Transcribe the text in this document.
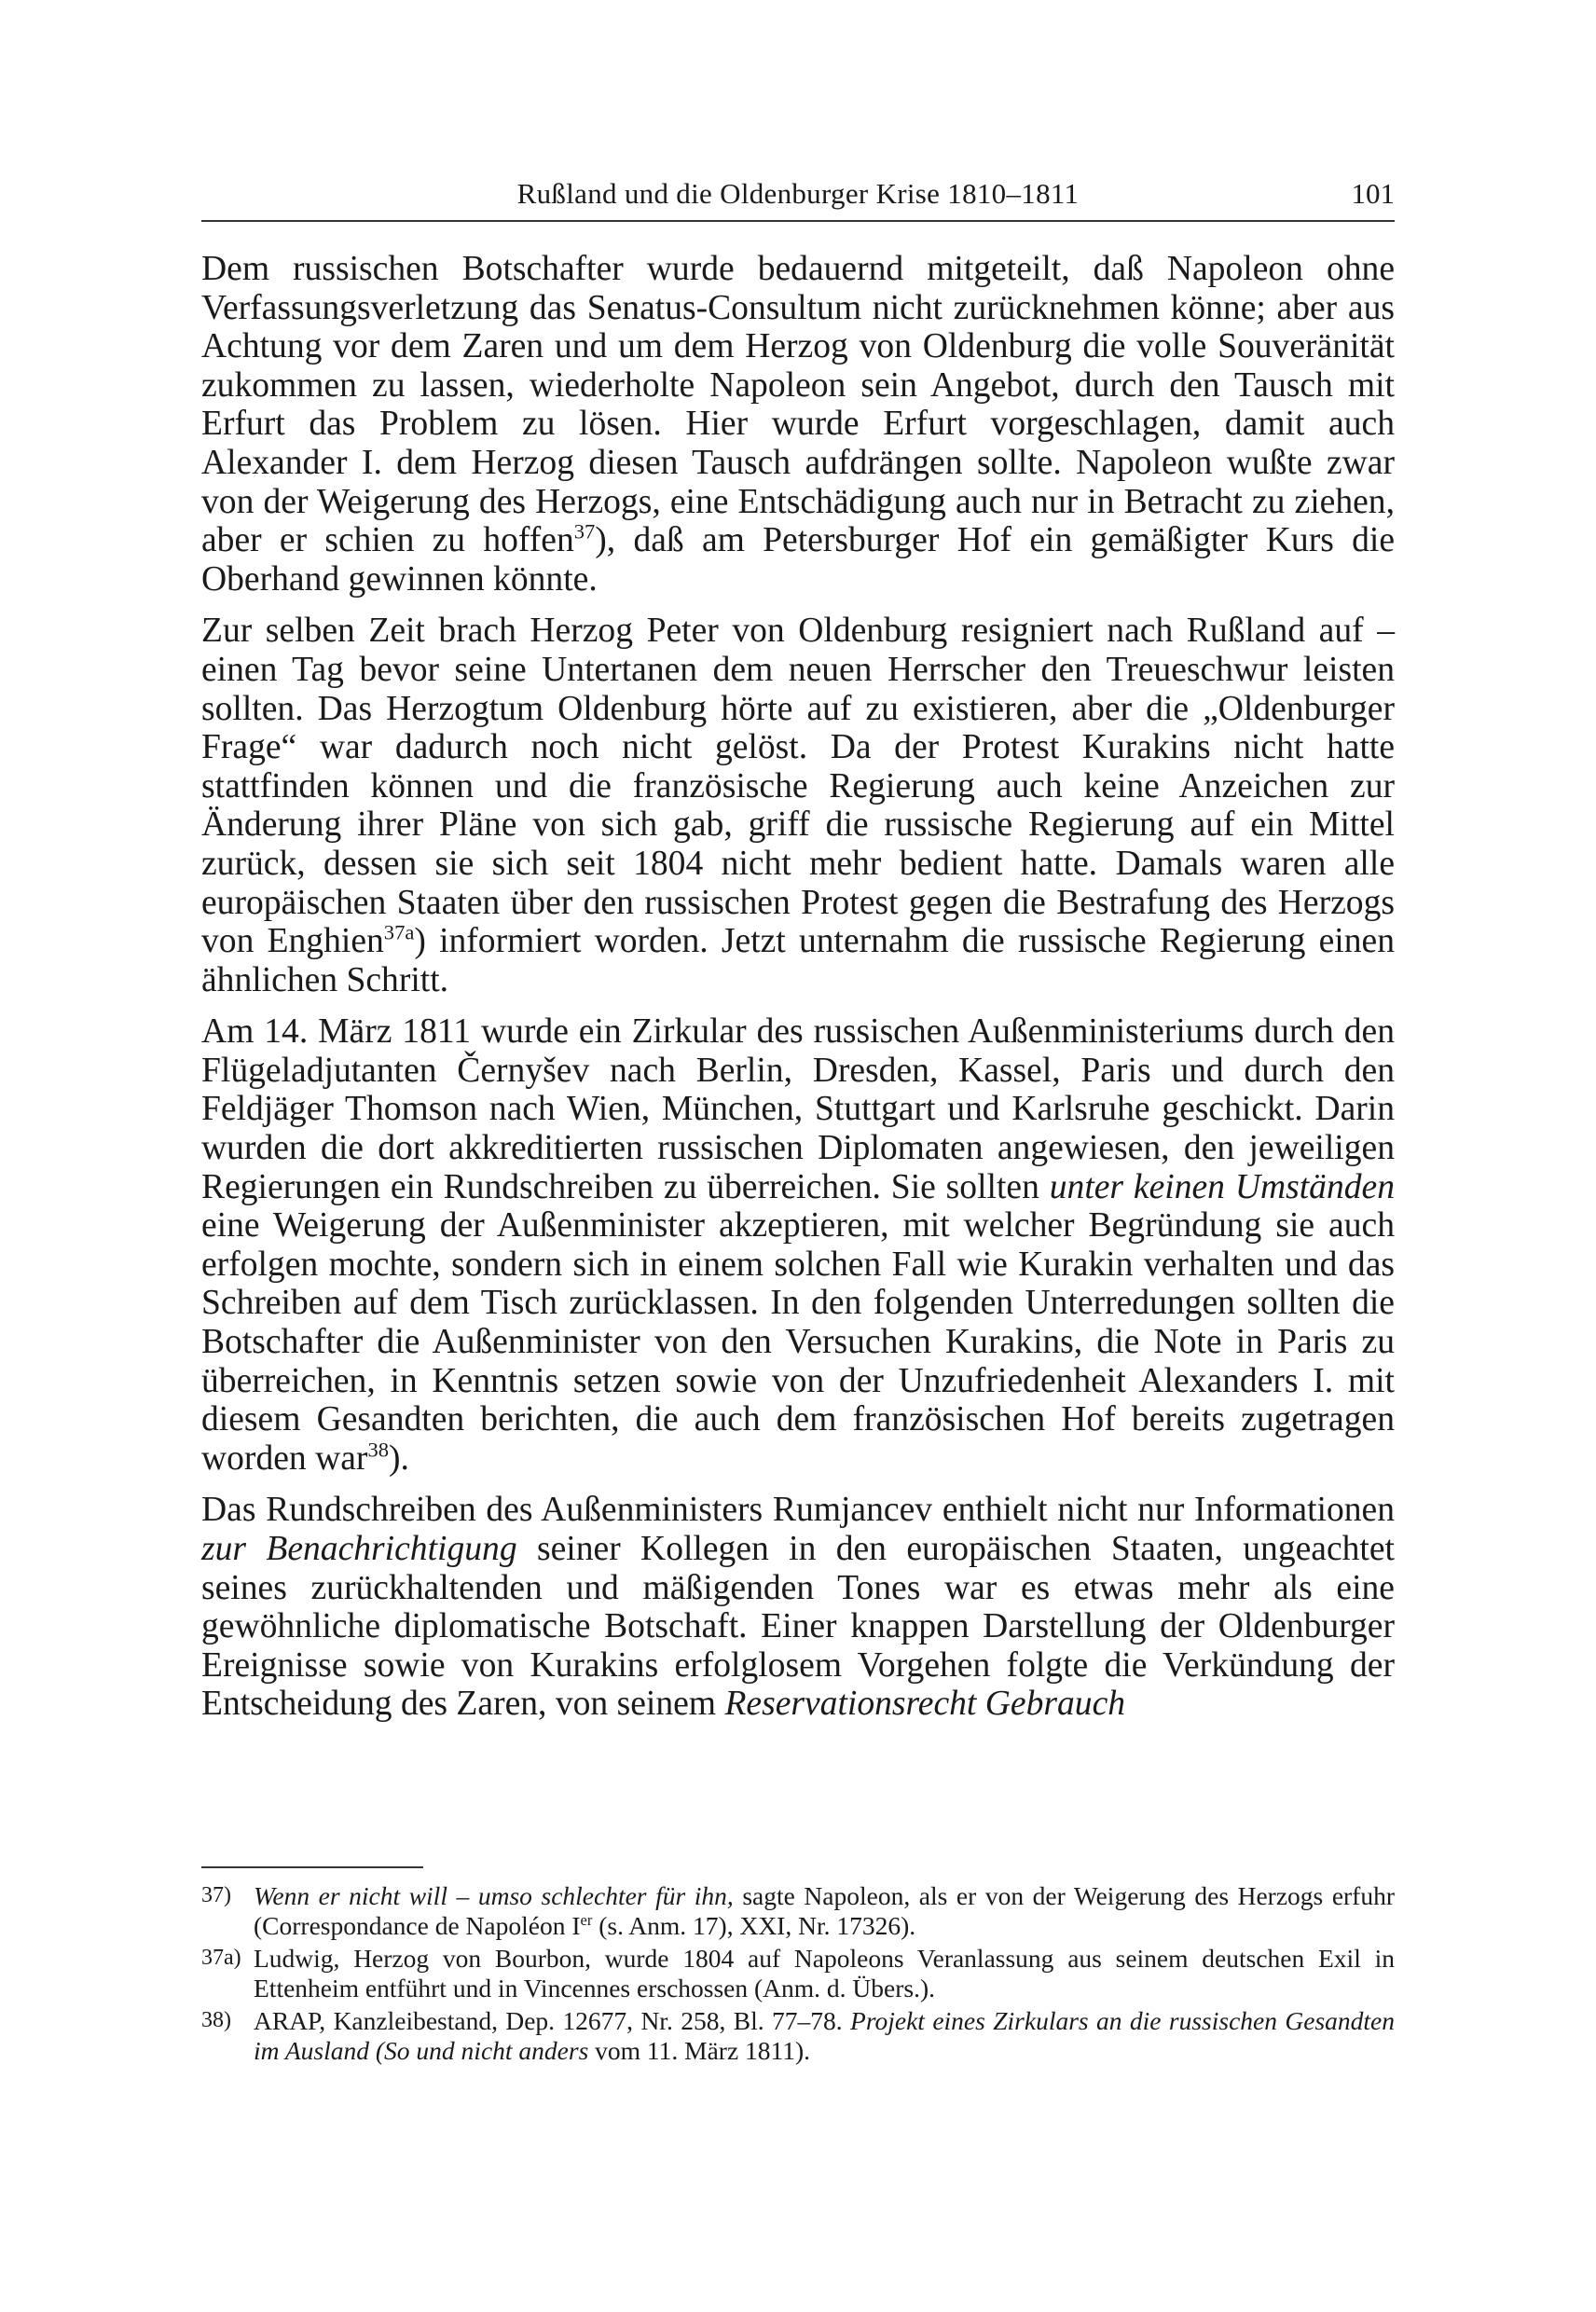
Rußland und die Oldenburger Krise 1810–1811	101

Dem russischen Botschafter wurde bedauernd mitgeteilt, daß Napoleon ohne Verfassungsverletzung das Senatus-Consultum nicht zurücknehmen könne; aber aus Achtung vor dem Zaren und um dem Herzog von Oldenburg die volle Souveränität zukommen zu lassen, wiederholte Napoleon sein Angebot, durch den Tausch mit Erfurt das Problem zu lösen. Hier wurde Erfurt vorgeschlagen, damit auch Alexander I. dem Herzog diesen Tausch aufdrängen sollte. Napoleon wußte zwar von der Weigerung des Herzogs, eine Entschädigung auch nur in Betracht zu ziehen, aber er schien zu hoffen$^{37}$), daß am Petersburger Hof ein gemäßigter Kurs die Oberhand gewinnen könnte.

Zur selben Zeit brach Herzog Peter von Oldenburg resigniert nach Rußland auf – einen Tag bevor seine Untertanen dem neuen Herrscher den Treueschwur leisten sollten. Das Herzogtum Oldenburg hörte auf zu existieren, aber die „Oldenburger Frage“ war dadurch noch nicht gelöst. Da der Protest Kurakins nicht hatte stattfinden können und die französische Regierung auch keine Anzeichen zur Änderung ihrer Pläne von sich gab, griff die russische Regierung auf ein Mittel zurück, dessen sie sich seit 1804 nicht mehr bedient hatte. Damals waren alle europäischen Staaten über den russischen Protest gegen die Bestrafung des Herzogs von Enghien$^{37a}$) informiert worden. Jetzt unternahm die russische Regierung einen ähnlichen Schritt.

Am 14. März 1811 wurde ein Zirkular des russischen Außenministeriums durch den Flügeladjutanten Černyšev nach Berlin, Dresden, Kassel, Paris und durch den Feldjäger Thomson nach Wien, München, Stuttgart und Karlsruhe geschickt. Darin wurden die dort akkreditierten russischen Diplomaten angewiesen, den jeweiligen Regierungen ein Rundschreiben zu überreichen. Sie sollten unter keinen Umständen eine Weigerung der Außenminister akzeptieren, mit welcher Begründung sie auch erfolgen mochte, sondern sich in einem solchen Fall wie Kurakin verhalten und das Schreiben auf dem Tisch zurücklassen. In den folgenden Unterredungen sollten die Botschafter die Außenminister von den Versuchen Kurakins, die Note in Paris zu überreichen, in Kenntnis setzen sowie von der Unzufriedenheit Alexanders I. mit diesem Gesandten berichten, die auch dem französischen Hof bereits zugetragen worden war$^{38}$).

Das Rundschreiben des Außenministers Rumjancev enthielt nicht nur Informationen zur Benachrichtigung seiner Kollegen in den europäischen Staaten, ungeachtet seines zurückhaltenden und mäßigenden Tones war es etwas mehr als eine gewöhnliche diplomatische Botschaft. Einer knappen Darstellung der Oldenburger Ereignisse sowie von Kurakins erfolglosem Vorgehen folgte die Verkündung der Entscheidung des Zaren, von seinem Reservationsrecht Gebrauch

37) Wenn er nicht will – umso schlechter für ihn, sagte Napoleon, als er von der Weigerung des Herzogs erfuhr (Correspondance de Napoléon Ier (s. Anm. 17), XXI, Nr. 17326).

37a) Ludwig, Herzog von Bourbon, wurde 1804 auf Napoleons Veranlassung aus seinem deutschen Exil in Ettenheim entführt und in Vincennes erschossen (Anm. d. Übers.).

38) ARAP, Kanzleibestand, Dep. 12677, Nr. 258, Bl. 77–78. Projekt eines Zirkulars an die russischen Gesandten im Ausland (So und nicht anders vom 11. März 1811).
